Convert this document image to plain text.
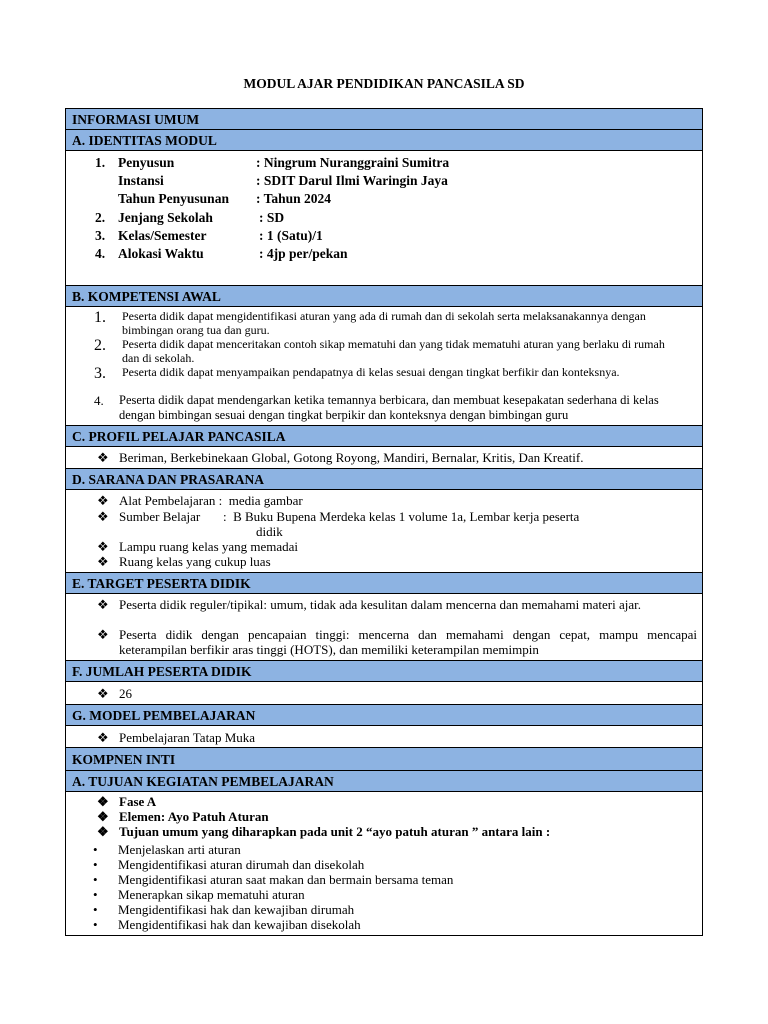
MODUL AJAR PENDIDIKAN PANCASILA SD
INFORMASI UMUM
A. IDENTITAS MODUL
1. Penyusun	: Ningrum Nuranggraini Sumitra
Instansi	: SDIT Darul Ilmi Waringin Jaya
Tahun Penyusunan : Tahun 2024
2. Jenjang Sekolah	: SD
3. Kelas/Semester	: 1 (Satu)/1
4. Alokasi Waktu	: 4jp per/pekan
B. KOMPETENSI AWAL
1. Peserta didik dapat mengidentifikasi aturan yang ada di rumah dan di sekolah serta melaksanakannya dengan bimbingan orang tua dan guru.
2. Peserta didik dapat menceritakan contoh sikap mematuhi dan yang tidak mematuhi aturan yang berlaku di rumah dan di sekolah.
3. Peserta didik dapat menyampaikan pendapatnya di kelas sesuai dengan tingkat berfikir dan konteksnya.
4. Peserta didik dapat mendengarkan ketika temannya berbicara, dan membuat kesepakatan sederhana di kelas dengan bimbingan sesuai dengan tingkat berpikir dan konteksnya dengan bimbingan guru
C. PROFIL PELAJAR PANCASILA
❖ Beriman, Berkebinekaan Global, Gotong Royong, Mandiri, Bernalar, Kritis, Dan Kreatif.
D. SARANA DAN PRASARANA
❖ Alat Pembelajaran :  media gambar
❖ Sumber Belajar       :  B Buku Bupena Merdeka kelas 1 volume 1a, Lembar kerja peserta
didik
❖ Lampu ruang kelas yang memadai
❖ Ruang kelas yang cukup luas
E. TARGET PESERTA DIDIK
❖ Peserta didik reguler/tipikal: umum, tidak ada kesulitan dalam mencerna dan memahami materi ajar.
❖ Peserta didik dengan pencapaian tinggi: mencerna dan memahami dengan cepat, mampu mencapai keterampilan berfikir aras tinggi (HOTS), dan memiliki keterampilan memimpin
F. JUMLAH PESERTA DIDIK
❖ 26
G. MODEL PEMBELAJARAN
❖ Pembelajaran Tatap Muka
KOMPNEN INTI
A. TUJUAN KEGIATAN PEMBELAJARAN
❖ Fase A
❖ Elemen: Ayo Patuh Aturan
❖ Tujuan umum yang diharapkan pada unit 2 “ayo patuh aturan ” antara lain :
• Menjelaskan arti aturan
• Mengidentifikasi aturan dirumah dan disekolah
• Mengidentifikasi aturan saat makan dan bermain bersama teman
• Menerapkan sikap mematuhi aturan
• Mengidentifikasi hak dan kewajiban dirumah
• Mengidentifikasi hak dan kewajiban disekolah
